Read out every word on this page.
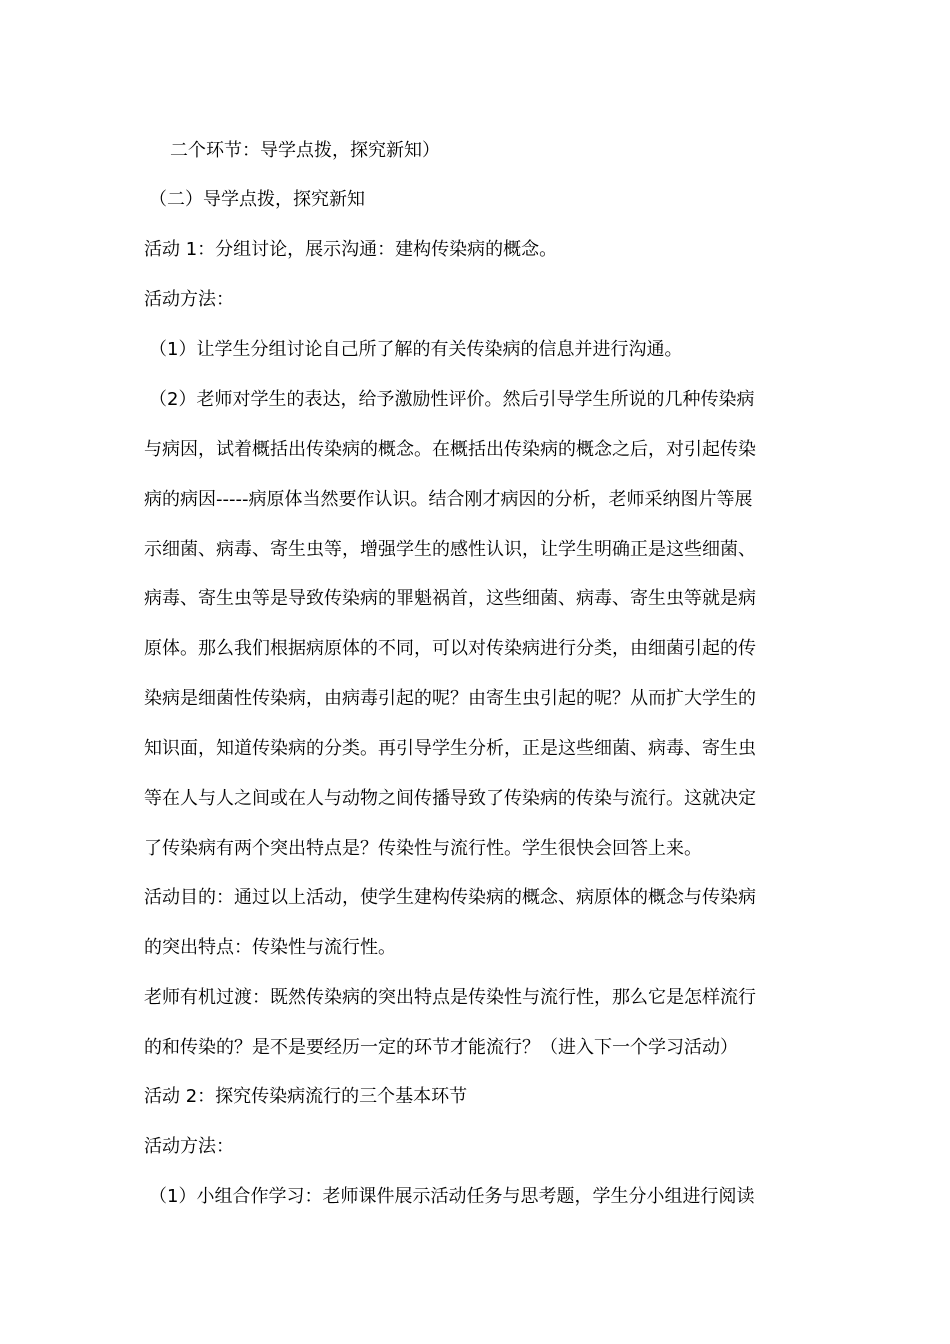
二个环节：导学点拨，探究新知）
（二）导学点拨，探究新知
活动 1：分组讨论，展示沟通：建构传染病的概念。
活动方法：
（1）让学生分组讨论自己所了解的有关传染病的信息并进行沟通。
（2）老师对学生的表达，给予激励性评价。然后引导学生所说的几种传染病
与病因，试着概括出传染病的概念。在概括出传染病的概念之后，对引起传染
病的病因-----病原体当然要作认识。结合刚才病因的分析，老师采纳图片等展
示细菌、病毒、寄生虫等，增强学生的感性认识，让学生明确正是这些细菌、
病毒、寄生虫等是导致传染病的罪魁祸首，这些细菌、病毒、寄生虫等就是病
原体。那么我们根据病原体的不同，可以对传染病进行分类，由细菌引起的传
染病是细菌性传染病，由病毒引起的呢？由寄生虫引起的呢？从而扩大学生的
知识面，知道传染病的分类。再引导学生分析，正是这些细菌、病毒、寄生虫
等在人与人之间或在人与动物之间传播导致了传染病的传染与流行。这就决定
了传染病有两个突出特点是？传染性与流行性。学生很快会回答上来。
活动目的：通过以上活动，使学生建构传染病的概念、病原体的概念与传染病
的突出特点：传染性与流行性。
老师有机过渡：既然传染病的突出特点是传染性与流行性，那么它是怎样流行
的和传染的？是不是要经历一定的环节才能流行？（进入下一个学习活动）
活动 2：探究传染病流行的三个基本环节
活动方法：
（1）小组合作学习：老师课件展示活动任务与思考题，学生分小组进行阅读
